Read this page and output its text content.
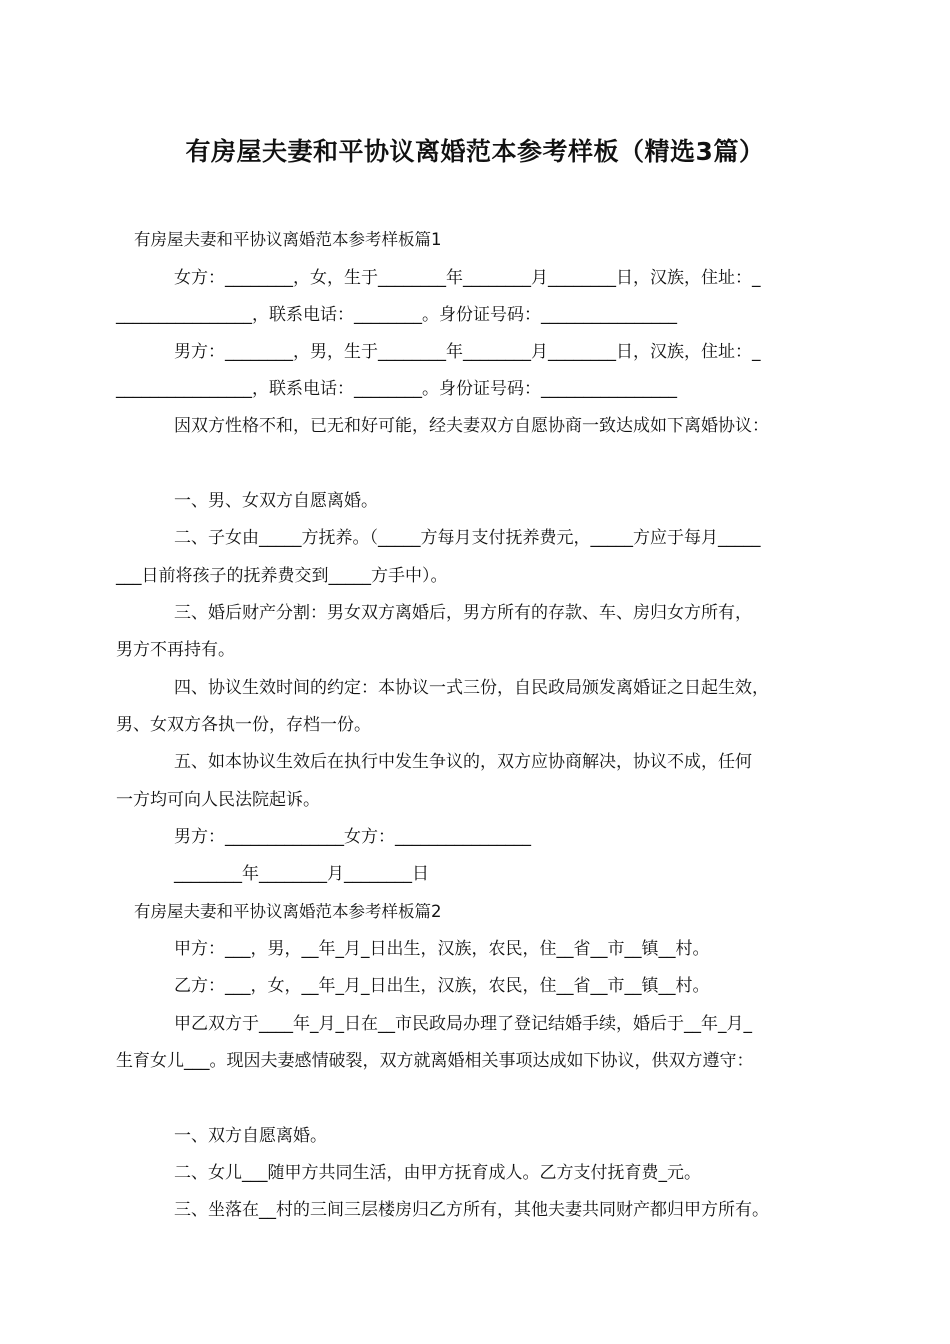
有房屋夫妻和平协议离婚范本参考样板（精选3篇）
有房屋夫妻和平协议离婚范本参考样板篇1
女方：________，女，生于________年________月________日，汉族，住址：_
________________，联系电话：________。身份证号码：________________
男方：________，男，生于________年________月________日，汉族，住址：_
________________，联系电话：________。身份证号码：________________
因双方性格不和，已无和好可能，经夫妻双方自愿协商一致达成如下离婚协议：
一、男、女双方自愿离婚。
二、子女由_____方抚养。（_____方每月支付抚养费元，_____方应于每月_____
___日前将孩子的抚养费交到_____方手中）。
三、婚后财产分割：男女双方离婚后，男方所有的存款、车、房归女方所有，
男方不再持有。
四、协议生效时间的约定：本协议一式三份，自民政局颁发离婚证之日起生效，
男、女双方各执一份，存档一份。
五、如本协议生效后在执行中发生争议的，双方应协商解决，协议不成，任何
一方均可向人民法院起诉。
男方：______________女方：________________
________年________月________日
有房屋夫妻和平协议离婚范本参考样板篇2
甲方：___，男，__年_月_日出生，汉族，农民，住__省__市__镇__村。
乙方：___，女，__年_月_日出生，汉族，农民，住__省__市__镇__村。
甲乙双方于____年_月_日在__市民政局办理了登记结婚手续，婚后于__年_月_
生育女儿___。现因夫妻感情破裂，双方就离婚相关事项达成如下协议，供双方遵守：
一、双方自愿离婚。
二、女儿___随甲方共同生活，由甲方抚育成人。乙方支付抚育费_元。
三、坐落在__村的三间三层楼房归乙方所有，其他夫妻共同财产都归甲方所有。
